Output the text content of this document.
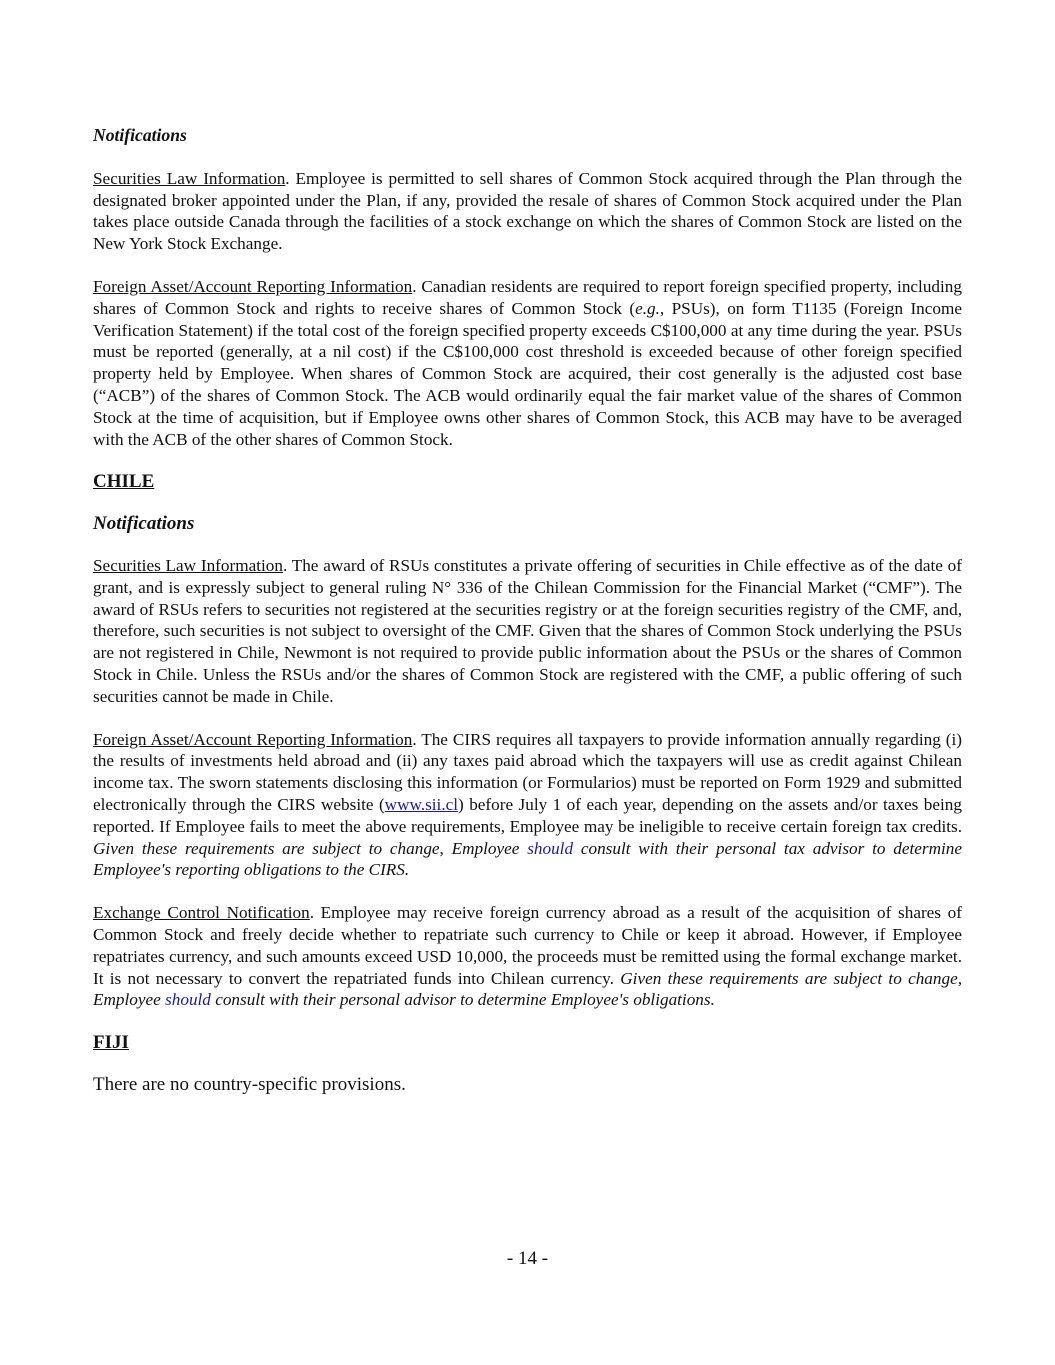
Notifications

Securities Law Information. Employee is permitted to sell shares of Common Stock acquired through the Plan through the designated broker appointed under the Plan, if any, provided the resale of shares of Common Stock acquired under the Plan takes place outside Canada through the facilities of a stock exchange on which the shares of Common Stock are listed on the New York Stock Exchange.

Foreign Asset/Account Reporting Information. Canadian residents are required to report foreign specified property, including shares of Common Stock and rights to receive shares of Common Stock (e.g., PSUs), on form T1135 (Foreign Income Verification Statement) if the total cost of the foreign specified property exceeds C$100,000 at any time during the year. PSUs must be reported (generally, at a nil cost) if the C$100,000 cost threshold is exceeded because of other foreign specified property held by Employee. When shares of Common Stock are acquired, their cost generally is the adjusted cost base (“ACB”) of the shares of Common Stock. The ACB would ordinarily equal the fair market value of the shares of Common Stock at the time of acquisition, but if Employee owns other shares of Common Stock, this ACB may have to be averaged with the ACB of the other shares of Common Stock.

CHILE
Notifications

Securities Law Information. The award of RSUs constitutes a private offering of securities in Chile effective as of the date of grant, and is expressly subject to general ruling N° 336 of the Chilean Commission for the Financial Market (“CMF”). The award of RSUs refers to securities not registered at the securities registry or at the foreign securities registry of the CMF, and, therefore, such securities is not subject to oversight of the CMF. Given that the shares of Common Stock underlying the PSUs are not registered in Chile, Newmont is not required to provide public information about the PSUs or the shares of Common Stock in Chile. Unless the RSUs and/or the shares of Common Stock are registered with the CMF, a public offering of such securities cannot be made in Chile.

Foreign Asset/Account Reporting Information. The CIRS requires all taxpayers to provide information annually regarding (i) the results of investments held abroad and (ii) any taxes paid abroad which the taxpayers will use as credit against Chilean income tax. The sworn statements disclosing this information (or Formularios) must be reported on Form 1929 and submitted electronically through the CIRS website (www.sii.cl) before July 1 of each year, depending on the assets and/or taxes being reported. If Employee fails to meet the above requirements, Employee may be ineligible to receive certain foreign tax credits. Given these requirements are subject to change, Employee should consult with their personal tax advisor to determine Employee's reporting obligations to the CIRS.

Exchange Control Notification. Employee may receive foreign currency abroad as a result of the acquisition of shares of Common Stock and freely decide whether to repatriate such currency to Chile or keep it abroad. However, if Employee repatriates currency, and such amounts exceed USD 10,000, the proceeds must be remitted using the formal exchange market. It is not necessary to convert the repatriated funds into Chilean currency. Given these requirements are subject to change, Employee should consult with their personal advisor to determine Employee's obligations.

FIJI

There are no country-specific provisions.

- 14 -
